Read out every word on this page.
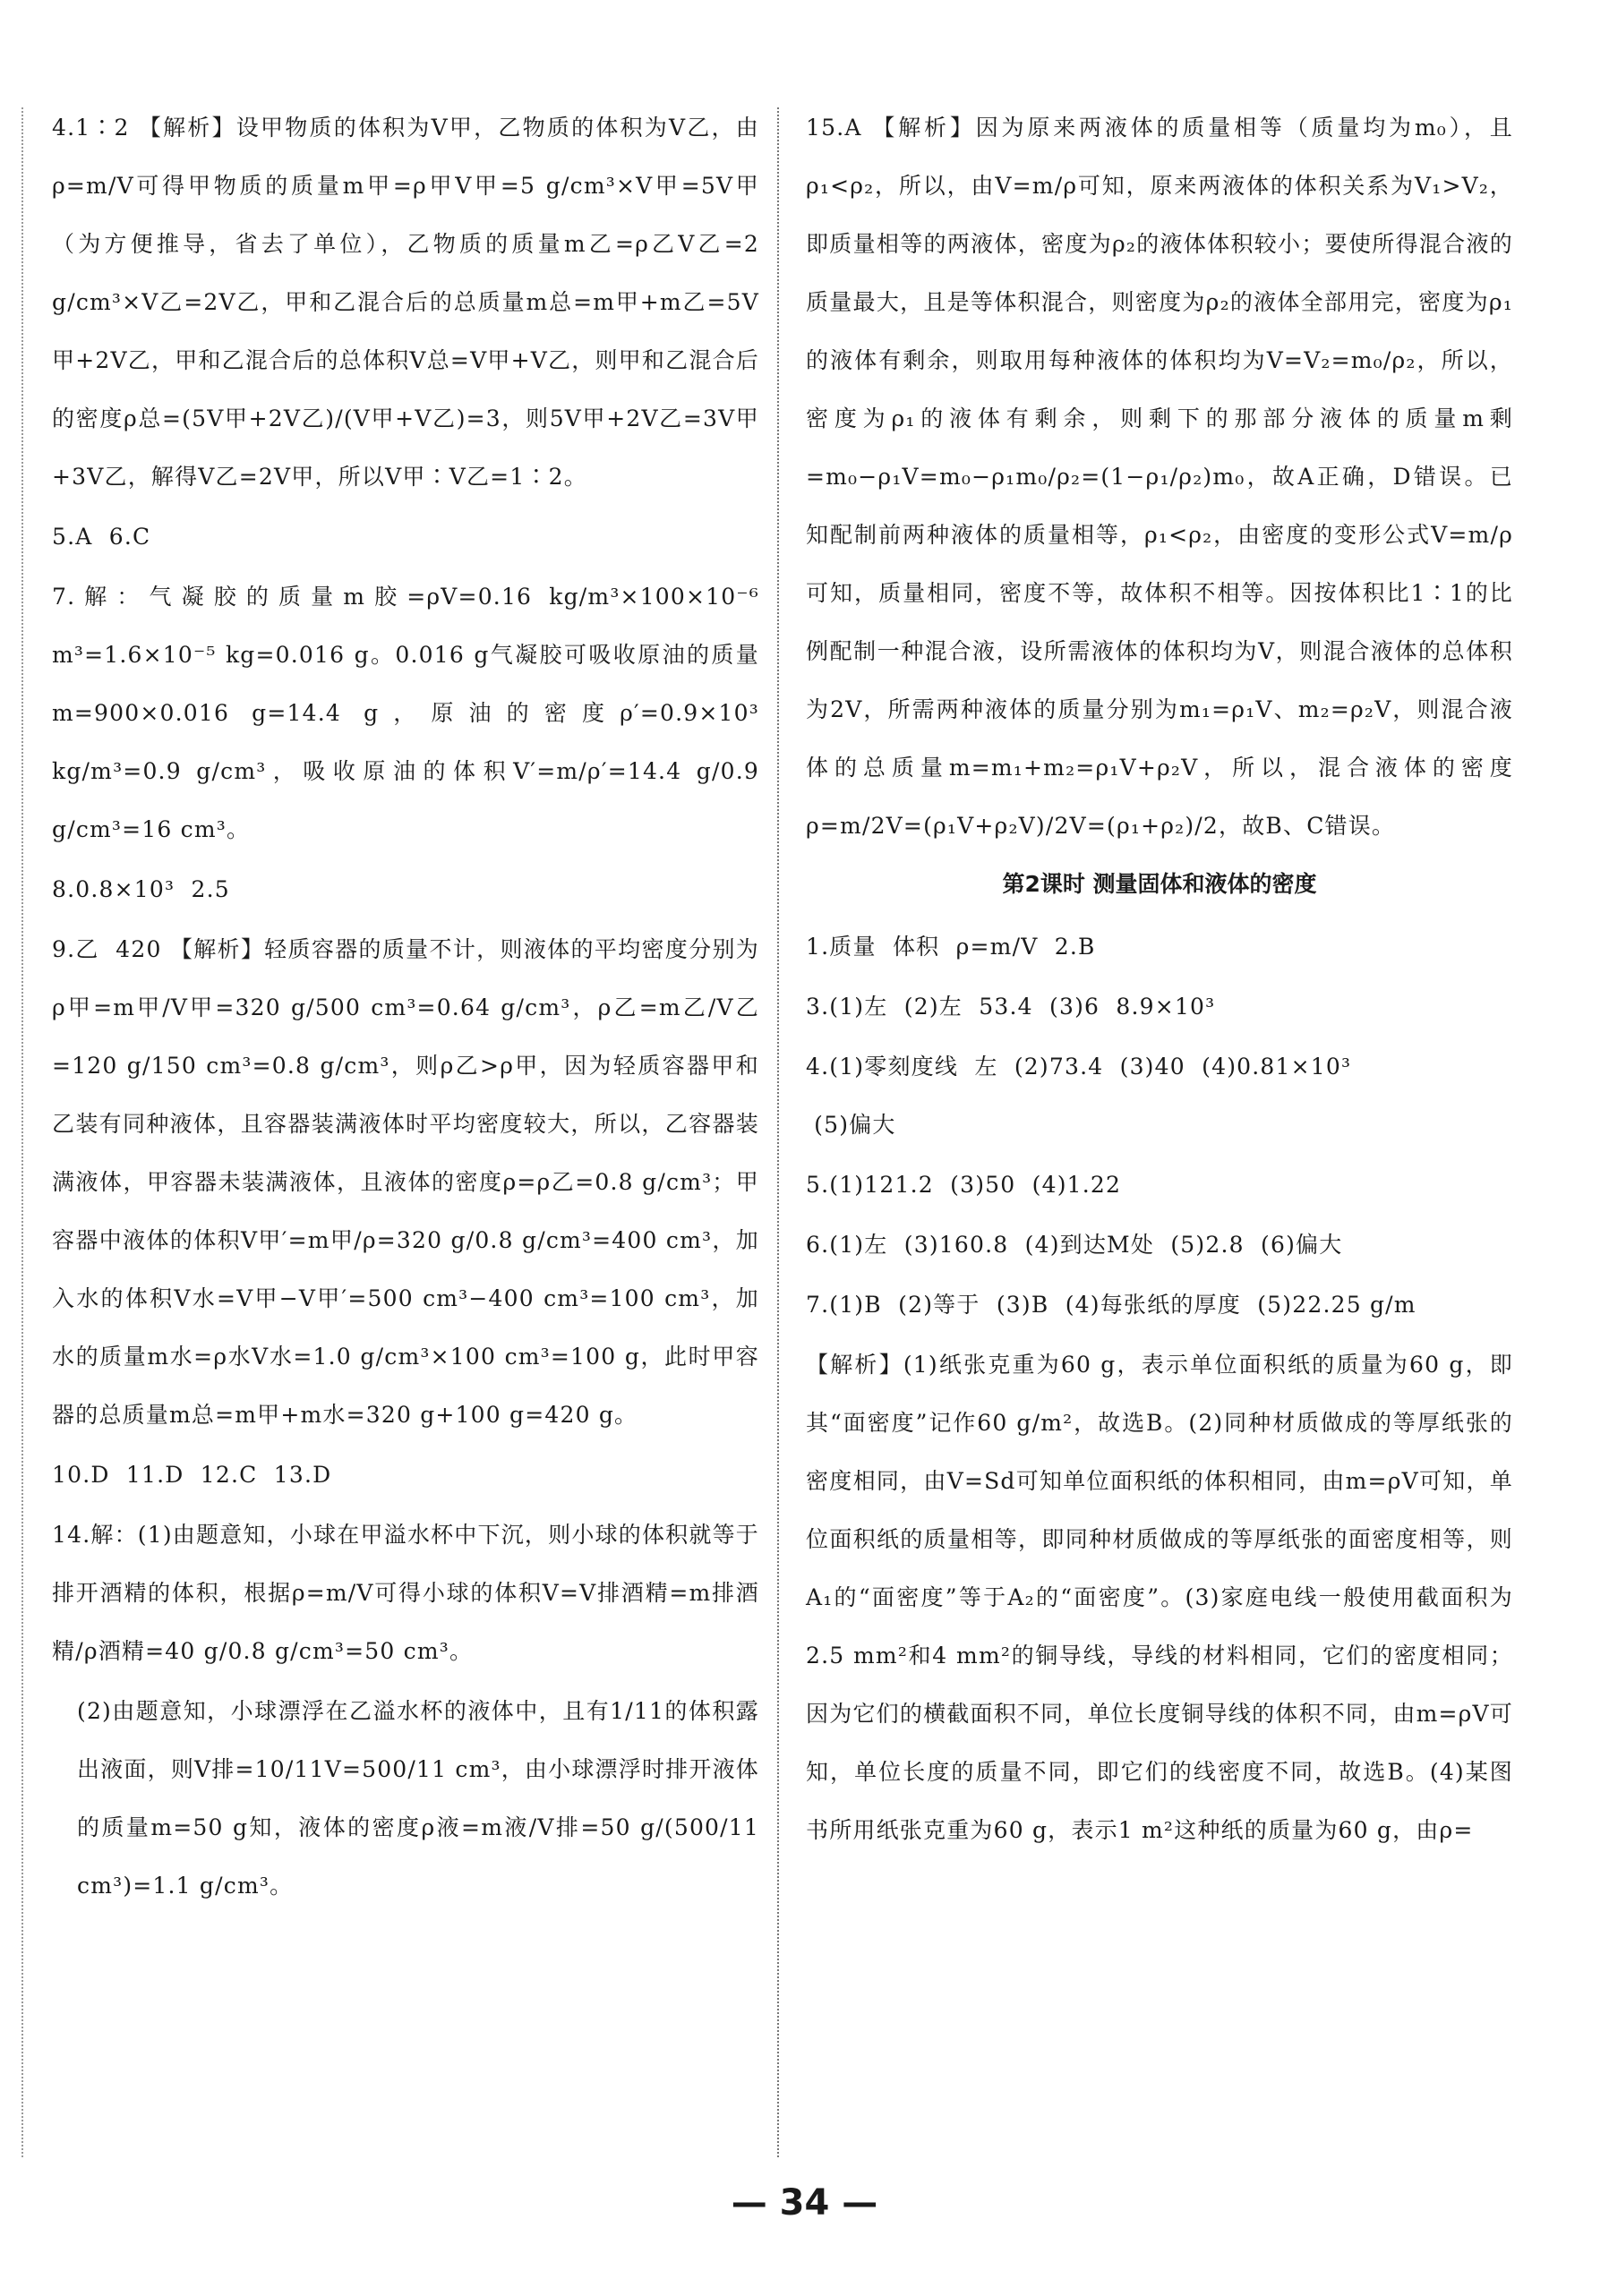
4.1∶2 【解析】设甲物质的体积为V甲，乙物质的体积为V乙，由ρ=m/V可得甲物质的质量m甲=ρ甲V甲=5 g/cm³×V甲=5V甲（为方便推导，省去了单位），乙物质的质量m乙=ρ乙V乙=2 g/cm³×V乙=2V乙，甲和乙混合后的总质量m总=m甲+m乙=5V甲+2V乙，甲和乙混合后的总体积V总=V甲+V乙，则甲和乙混合后的密度ρ总=(5V甲+2V乙)/(V甲+V乙)=3，则5V甲+2V乙=3V甲+3V乙，解得V乙=2V甲，所以V甲∶V乙=1∶2。
5.A  6.C
7.解：气凝胶的质量m胶=ρV=0.16 kg/m³×100×10⁻⁶ m³=1.6×10⁻⁵ kg=0.016 g。0.016 g气凝胶可吸收原油的质量m=900×0.016 g=14.4 g，原油的密度ρ′=0.9×10³ kg/m³=0.9 g/cm³，吸收原油的体积V′=m/ρ′=14.4 g/0.9 g/cm³=16 cm³。
8.0.8×10³  2.5
9.乙  420 【解析】轻质容器的质量不计，则液体的平均密度分别为ρ甲=m甲/V甲=320 g/500 cm³=0.64 g/cm³，ρ乙=m乙/V乙=120 g/150 cm³=0.8 g/cm³，则ρ乙>ρ甲，因为轻质容器甲和乙装有同种液体，且容器装满液体时平均密度较大，所以，乙容器装满液体，甲容器未装满液体，且液体的密度ρ=ρ乙=0.8 g/cm³；甲容器中液体的体积V甲′=m甲/ρ=320 g/0.8 g/cm³=400 cm³，加入水的体积V水=V甲−V甲′=500 cm³−400 cm³=100 cm³，加水的质量m水=ρ水V水=1.0 g/cm³×100 cm³=100 g，此时甲容器的总质量m总=m甲+m水=320 g+100 g=420 g。
10.D  11.D  12.C  13.D
14.解：(1)由题意知，小球在甲溢水杯中下沉，则小球的体积就等于排开酒精的体积，根据ρ=m/V可得小球的体积V=V排酒精=m排酒精/ρ酒精=40 g/0.8 g/cm³=50 cm³。
(2)由题意知，小球漂浮在乙溢水杯的液体中，且有1/11的体积露出液面，则V排=10/11V=500/11 cm³，由小球漂浮时排开液体的质量m=50 g知，液体的密度ρ液=m液/V排=50 g/(500/11 cm³)=1.1 g/cm³。
15.A 【解析】因为原来两液体的质量相等（质量均为m₀），且ρ₁<ρ₂，所以，由V=m/ρ可知，原来两液体的体积关系为V₁>V₂，即质量相等的两液体，密度为ρ₂的液体体积较小；要使所得混合液的质量最大，且是等体积混合，则密度为ρ₂的液体全部用完，密度为ρ₁的液体有剩余，则取用每种液体的体积均为V=V₂=m₀/ρ₂，所以，密度为ρ₁的液体有剩余，则剩下的那部分液体的质量m剩=m₀−ρ₁V=m₀−ρ₁m₀/ρ₂=(1−ρ₁/ρ₂)m₀，故A正确，D错误。已知配制前两种液体的质量相等，ρ₁<ρ₂，由密度的变形公式V=m/ρ可知，质量相同，密度不等，故体积不相等。因按体积比1∶1的比例配制一种混合液，设所需液体的体积均为V，则混合液体的总体积为2V，所需两种液体的质量分别为m₁=ρ₁V、m₂=ρ₂V，则混合液体的总质量m=m₁+m₂=ρ₁V+ρ₂V，所以，混合液体的密度ρ=m/2V=(ρ₁V+ρ₂V)/2V=(ρ₁+ρ₂)/2，故B、C错误。
第2课时 测量固体和液体的密度
1.质量  体积  ρ=m/V  2.B
3.(1)左  (2)左  53.4  (3)6  8.9×10³
4.(1)零刻度线  左  (2)73.4  (3)40  (4)0.81×10³
(5)偏大
5.(1)121.2  (3)50  (4)1.22
6.(1)左  (3)160.8  (4)到达M处  (5)2.8  (6)偏大
7.(1)B  (2)等于  (3)B  (4)每张纸的厚度  (5)22.25 g/m
【解析】(1)纸张克重为60 g，表示单位面积纸的质量为60 g，即其“面密度”记作60 g/m²，故选B。(2)同种材质做成的等厚纸张的密度相同，由V=Sd可知单位面积纸的体积相同，由m=ρV可知，单位面积纸的质量相等，即同种材质做成的等厚纸张的面密度相等，则A₁的“面密度”等于A₂的“面密度”。(3)家庭电线一般使用截面积为2.5 mm²和4 mm²的铜导线，导线的材料相同，它们的密度相同；因为它们的横截面积不同，单位长度铜导线的体积不同，由m=ρV可知，单位长度的质量不同，即它们的线密度不同，故选B。(4)某图书所用纸张克重为60 g，表示1 m²这种纸的质量为60 g，由ρ=
— 34 —
